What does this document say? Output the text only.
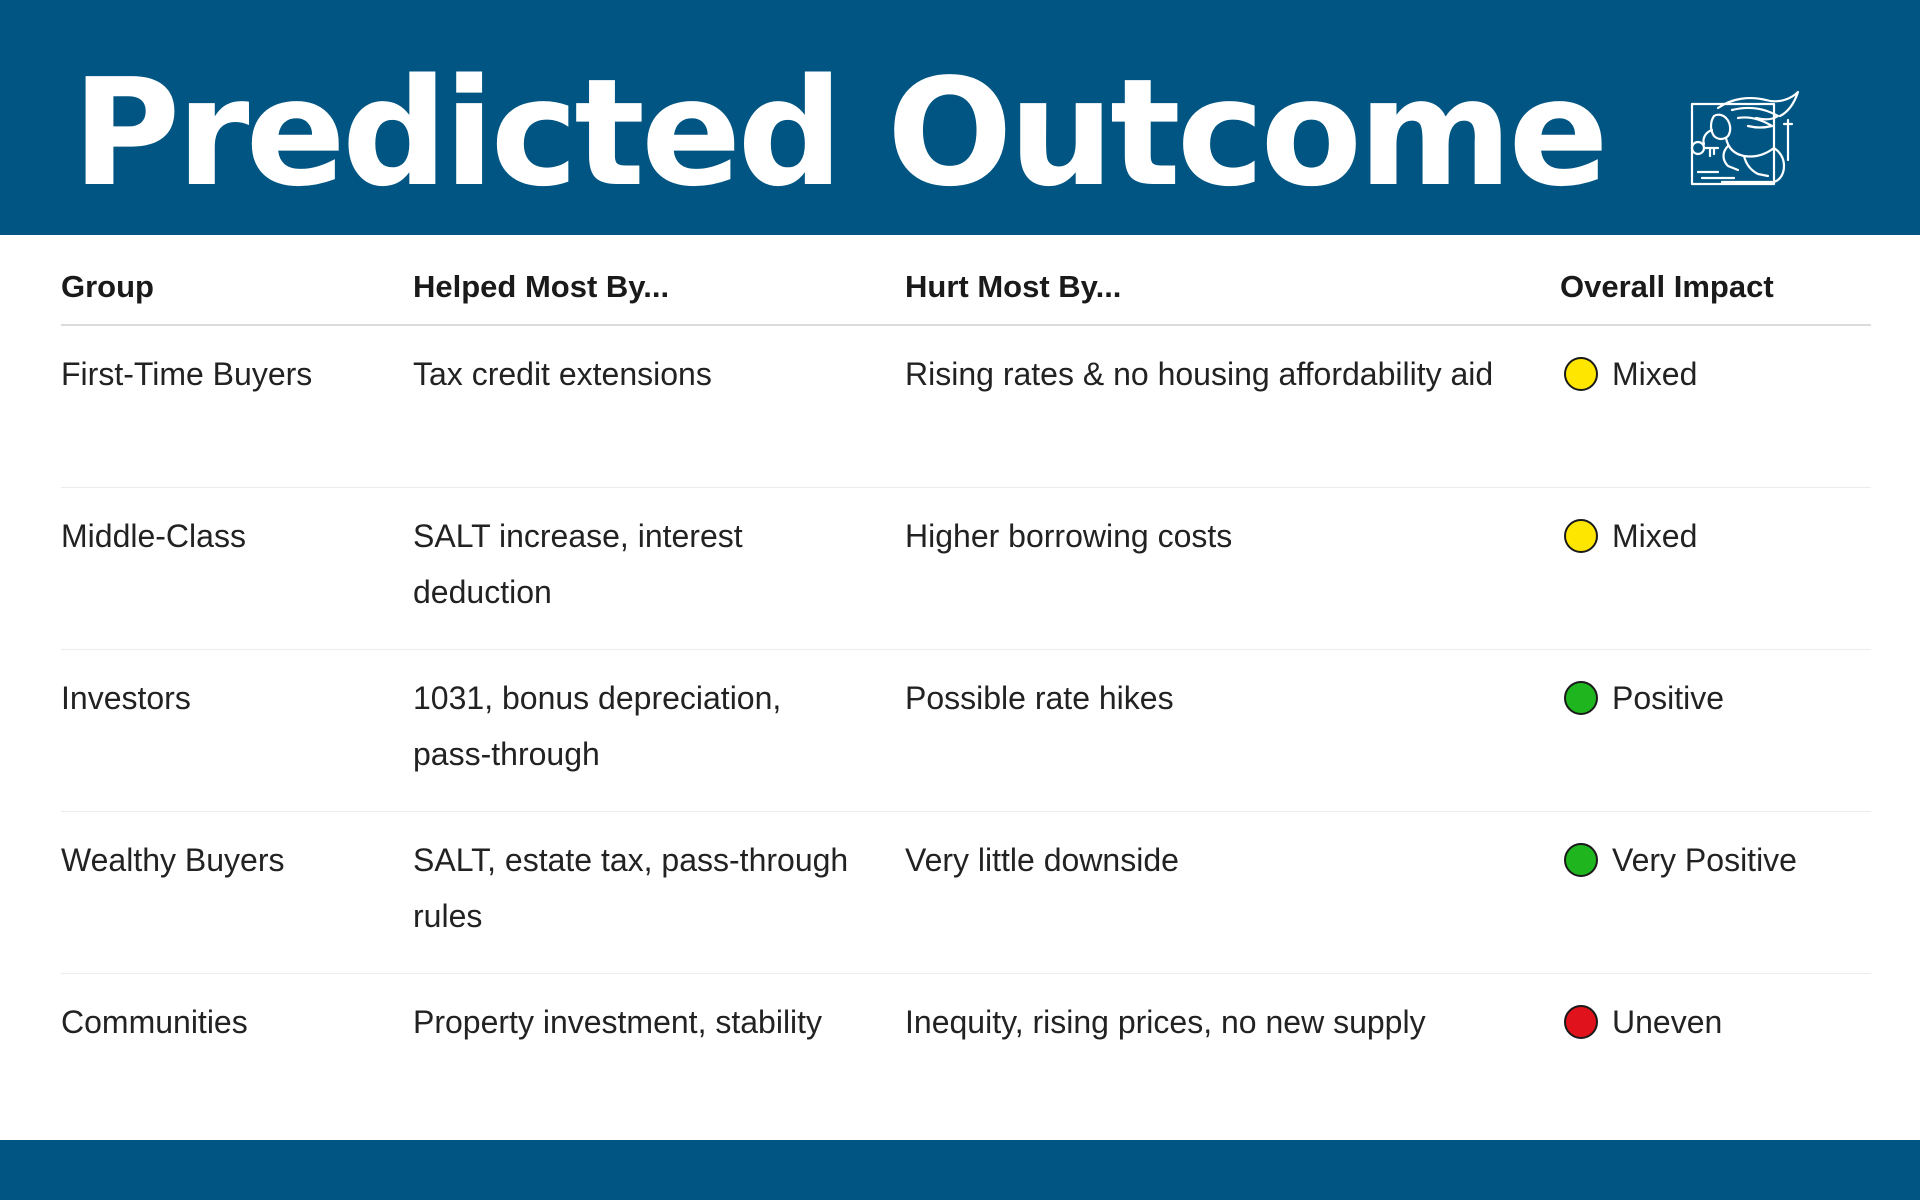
Predicted Outcome
Group	Helped Most By...	Hurt Most By...	Overall Impact
First-Time Buyers	Tax credit extensions	Rising rates & no housing affordability aid	Mixed

Middle-Class	SALT increase, interest deduction	Higher borrowing costs	Mixed

Investors	1031, bonus depreciation, pass-through	Possible rate hikes	Positive

Wealthy Buyers	SALT, estate tax, pass-through rules	Very little downside	Very Positive

Communities	Property investment, stability	Inequity, rising prices, no new supply	Uneven
